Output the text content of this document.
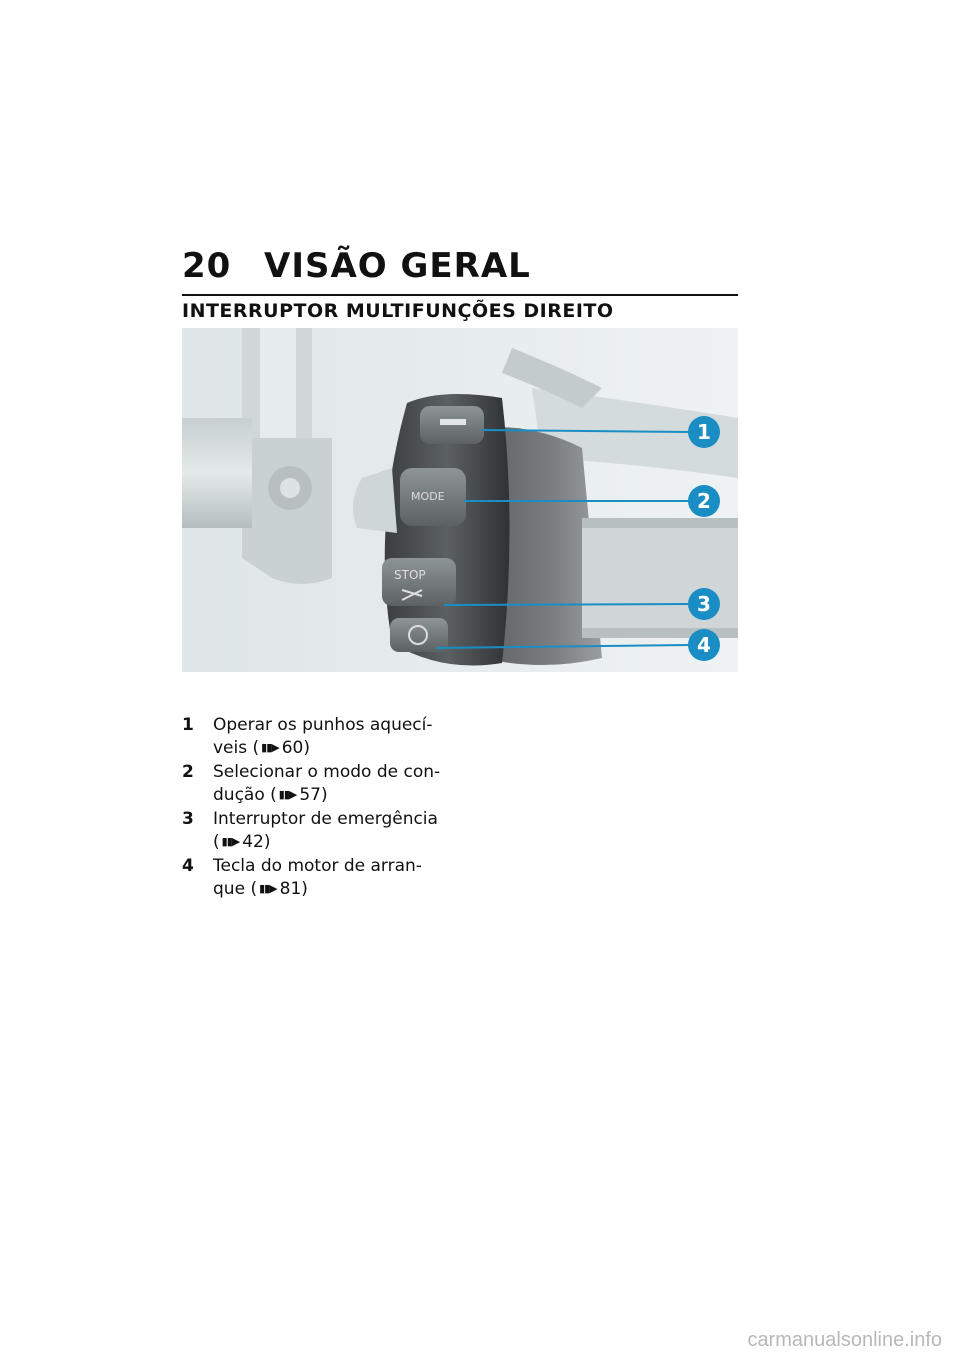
20 VISÃO GERAL
INTERRUPTOR MULTIFUNÇÕES DIREITO
MODE
STOP
1
2
3
4
1	Operar os punhos aquecí-
veis ( ▮▮▶ 60)
2	Selecionar o modo de con-
dução ( ▮▮▶ 57)
3	Interruptor de emergência
( ▮▮▶ 42)
4	Tecla do motor de arran-
que ( ▮▮▶ 81)
carmanualsonline.info
